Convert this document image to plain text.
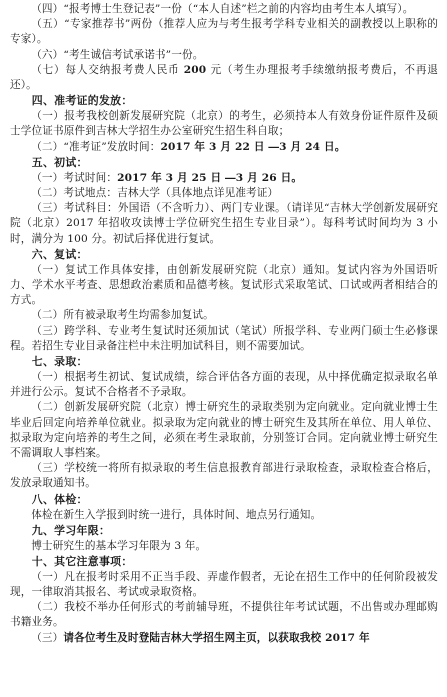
（四）“报考博士生登记表”一份（“本人自述”栏之前的内容均由考生本人填写）。

（五）“专家推荐书”两份（推荐人应为与考生报考学科专业相关的副教授以上职称的专家）。

（六）“考生诚信考试承诺书”一份。

（七）每人交纳报考费人民币 200 元（考生办理报考手续缴纳报考费后，不再退还）。

四、准考证的发放：

（一）报考我校创新发展研究院（北京）的考生，必须持本人有效身份证件原件及硕士学位证书原件到吉林大学招生办公室研究生招生科自取；

（二）“准考证”发放时间：2017 年 3 月 22 日 ―3 月 24 日。

五、初试：

（一）考试时间：2017 年 3 月 25 日 ―3 月 26 日。

（二）考试地点：吉林大学（具体地点详见准考证）

（三）考试科目：外国语（不含听力）、两门专业课。（请详见“吉林大学创新发展研究院（北京）2017 年招收攻读博士学位研究生招生专业目录”）。每科考试时间均为 3 小时，满分为 100 分。初试后择优进行复试。

六、复试：

（一）复试工作具体安排，由创新发展研究院（北京）通知。复试内容为外国语听力、学术水平考查、思想政治素质和品德考核。复试形式采取笔试、口试或两者相结合的方式。

（二）所有被录取考生均需参加复试。

（三）跨学科、专业考生复试时还须加试（笔试）所报学科、专业两门硕士生必修课程。若招生专业目录备注栏中未注明加试科目，则不需要加试。

七、录取：

（一）根据考生初试、复试成绩，综合评估各方面的表现，从中择优确定拟录取名单并进行公示。复试不合格者不予录取。

（二）创新发展研究院（北京）博士研究生的录取类别为定向就业。定向就业博士生毕业后回定向培养单位就业。拟录取为定向就业的博士研究生及其所在单位、用人单位、拟录取为定向培养的考生之间，必须在考生录取前，分别签订合同。定向就业博士研究生不需调取人事档案。

（三）学校统一将所有拟录取的考生信息报教育部进行录取检查，录取检查合格后，发放录取通知书。

八、体检：

体检在新生入学报到时统一进行，具体时间、地点另行通知。

九、学习年限：

博士研究生的基本学习年限为 3 年。

十、其它注意事项：

（一）凡在报考时采用不正当手段、弄虚作假者，无论在招生工作中的任何阶段被发现，一律取消其报名、考试或录取资格。

（二）我校不举办任何形式的考前辅导班，不提供往年考试试题，不出售或办理邮购书籍业务。

（三）请各位考生及时登陆吉林大学招生网主页，以获取我校 2017 年
